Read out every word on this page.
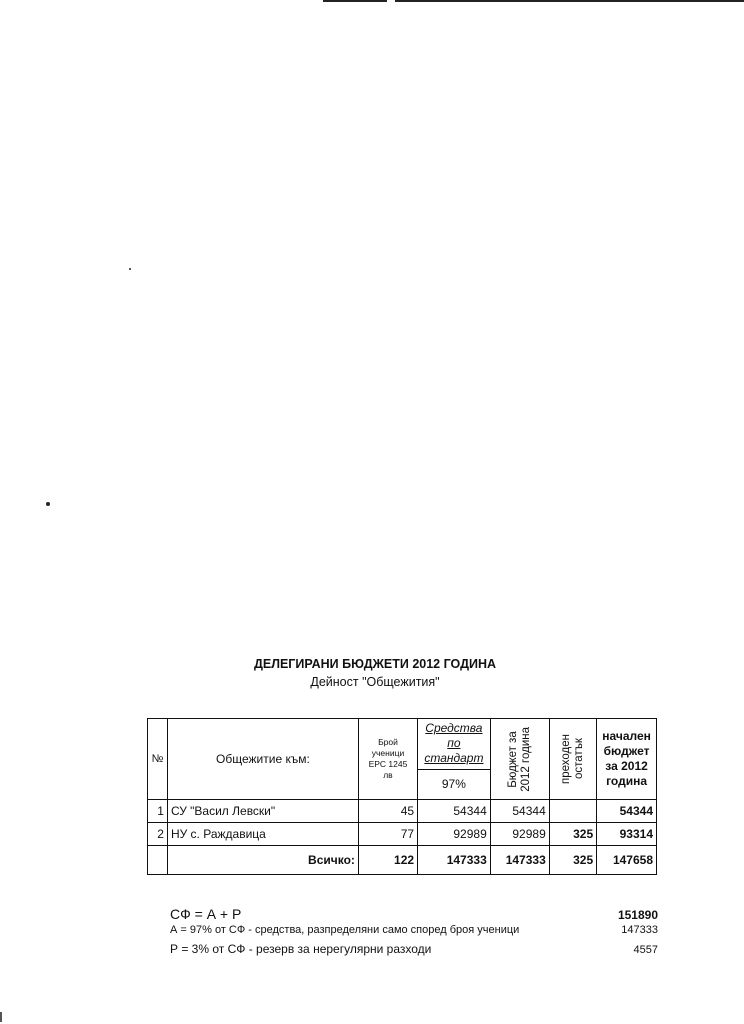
ДЕЛЕГИРАНИ БЮДЖЕТИ 2012 ГОДИНА
Дейност "Общежития"
№	Общежитие към:	Брой
ученици
ЕРС 1245
лв	Средства
по
стандарт	Бюджет за
2012 година	преходен
остатък	начален
бюджет
за 2012
година

			97%			
1	СУ "Васил Левски"	45	54344	54344		54344
2	НУ с. Раждавица	77	92989	92989	325	93314
	Всичко:	122	147333	147333	325	147658
СФ = А + Р	151890
А = 97% от СФ - средства, разпределяни само според броя ученици	147333
Р = 3% от СФ - резерв за нерегулярни разходи	4557
